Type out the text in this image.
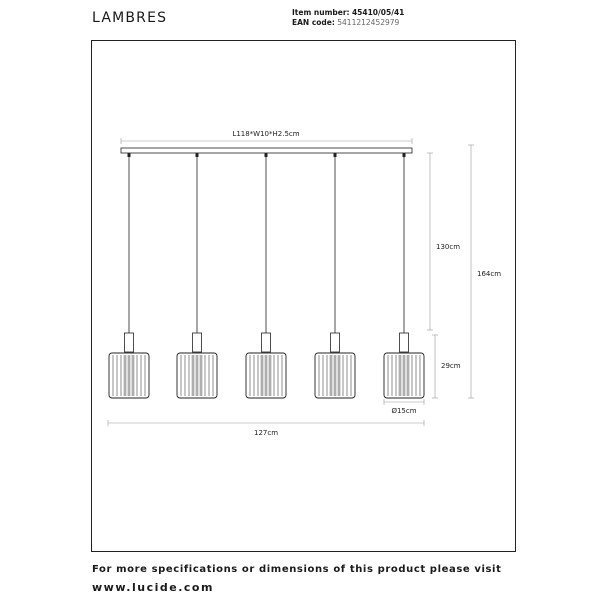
LAMBRES	Item number: 45410/05/41
EAN code: 5411212452979
L118*W10*H2.5cm
130cm
29cm
164cm
Ø15cm
127cm
For more specifications or dimensions of this product please visit
www.lucide.com
